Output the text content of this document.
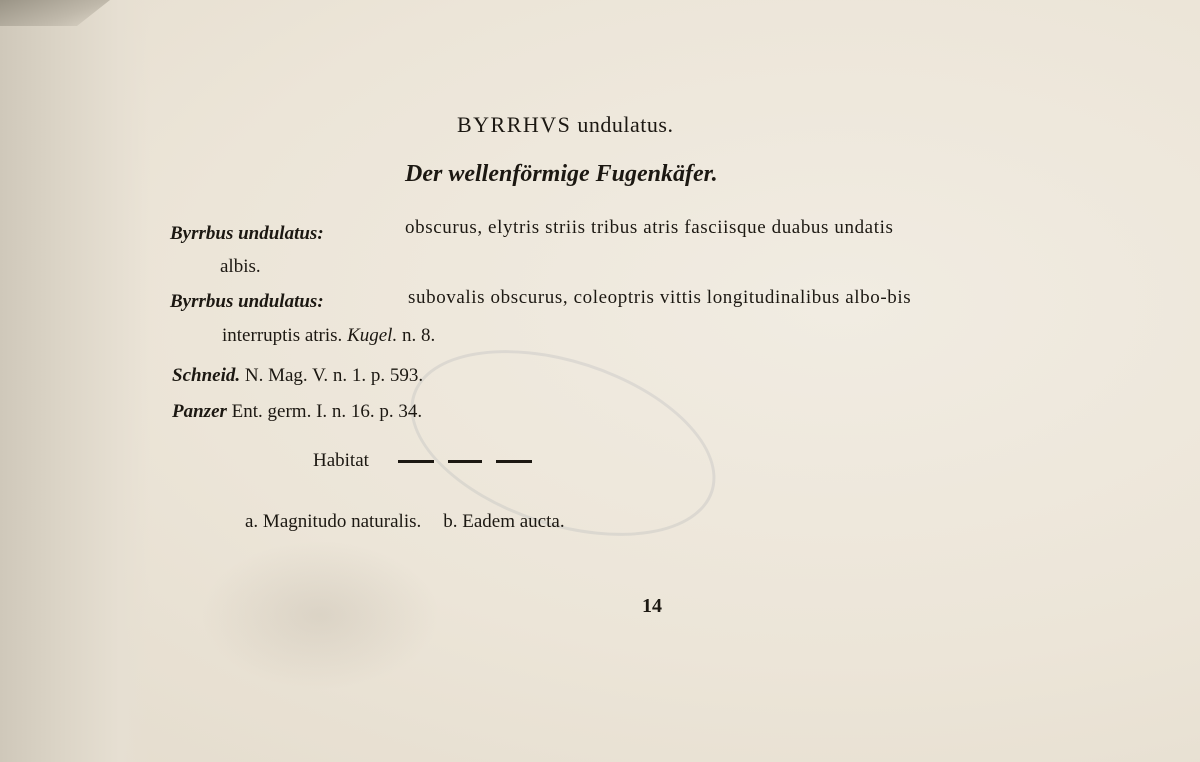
BYRRHVS undulatus.
Der wellenförmige Fugenkäfer.
Byrrbus undulatus:	obscurus, elytris striis tribus atris fasciisque duabus undatis
albis.
Byrrbus undulatus:	subovalis obscurus, coleoptris vittis longitudinalibus albo-bis
interruptis atris. Kugel. n. 8.
Schneid. N. Mag. V. n. 1. p. 593.
Panzer Ent. germ. I. n. 16. p. 34.
Habitat
a. Magnitudo naturalis. b. Eadem aucta.
14
